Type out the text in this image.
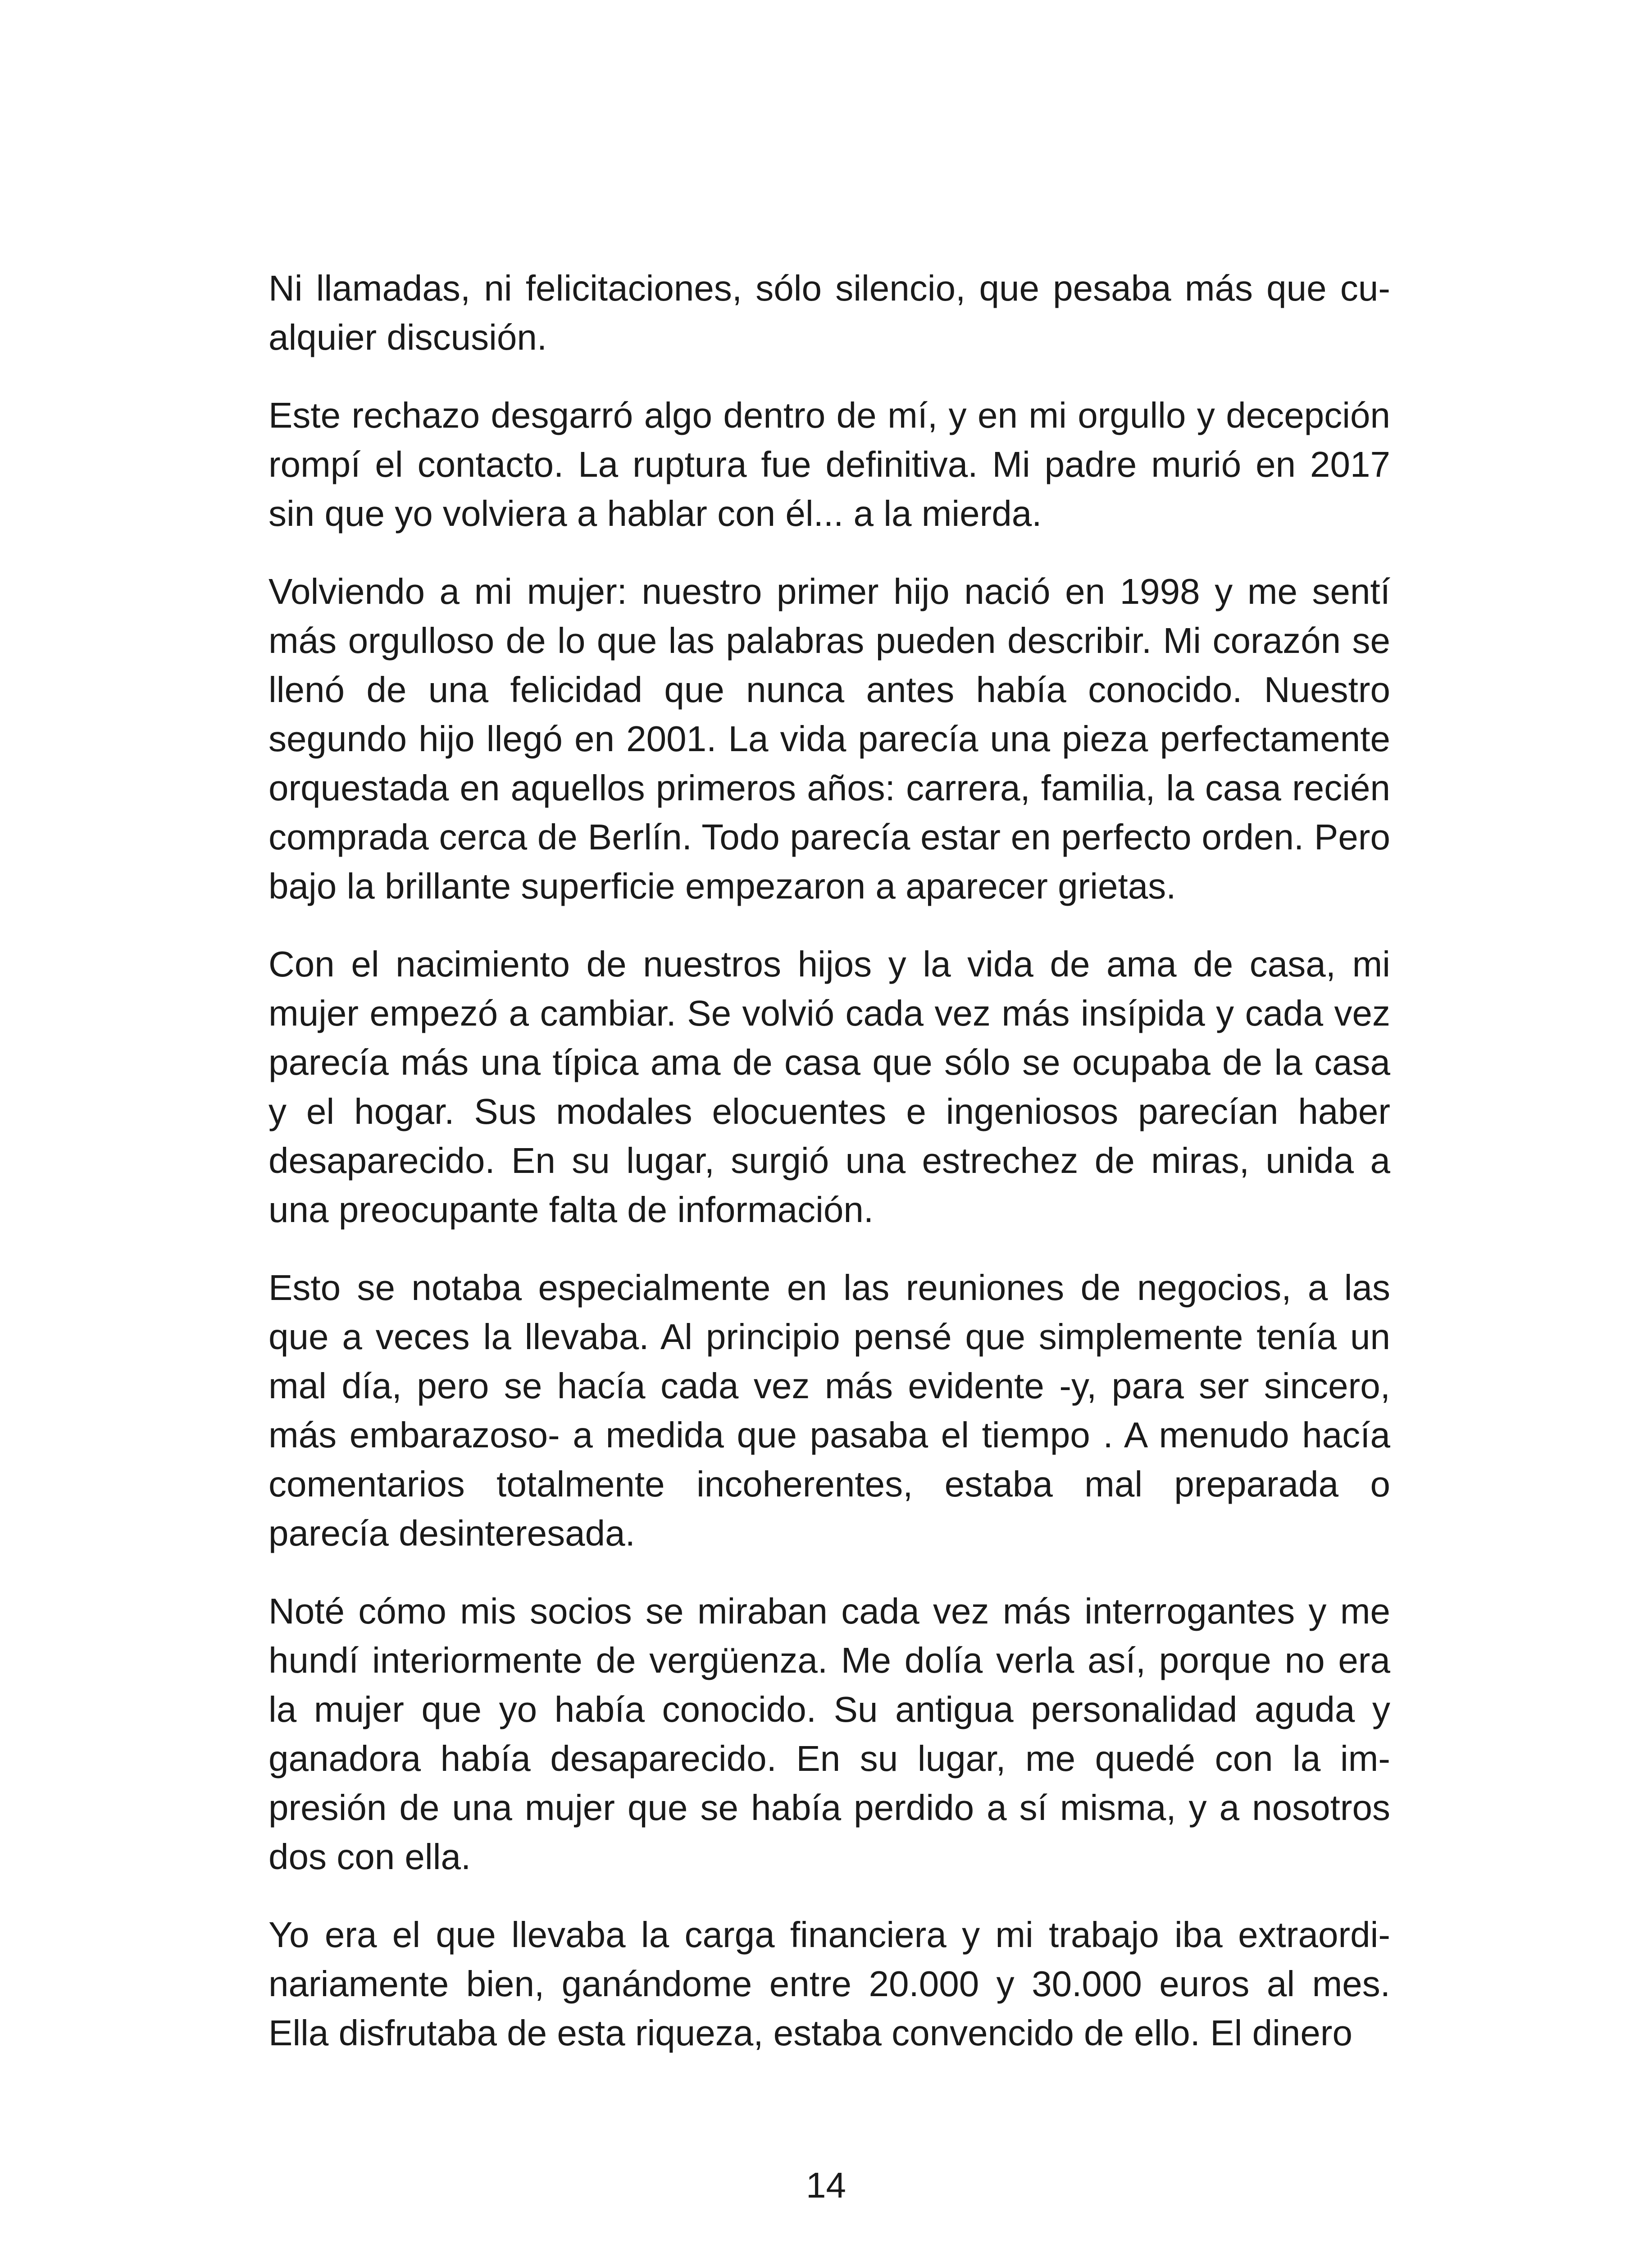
Ni llamadas, ni felicitaciones, sólo silencio, que pesaba más que cualquier discusión.

Este rechazo desgarró algo dentro de mí, y en mi orgullo y decepción rompí el contacto. La ruptura fue definitiva. Mi padre murió en 2017 sin que yo volviera a hablar con él... a la mierda.

Volviendo a mi mujer: nuestro primer hijo nació en 1998 y me sentí más orgulloso de lo que las palabras pueden describir. Mi corazón se llenó de una felicidad que nunca antes había conocido. Nuestro segundo hijo llegó en 2001. La vida parecía una pieza perfectamente orquestada en aquellos primeros años: carrera, familia, la casa recién comprada cerca de Berlín. Todo parecía estar en perfecto orden. Pero bajo la brillante superficie empezaron a aparecer grietas.

Con el nacimiento de nuestros hijos y la vida de ama de casa, mi mujer empezó a cambiar. Se volvió cada vez más insípida y cada vez parecía más una típica ama de casa que sólo se ocupaba de la casa y el hogar. Sus modales elocuentes e ingeniosos parecían haber desaparecido. En su lugar, surgió una estrechez de miras, unida a una preocupante falta de información.

Esto se notaba especialmente en las reuniones de negocios, a las que a veces la llevaba. Al principio pensé que simplemente tenía un mal día, pero se hacía cada vez más evidente -y, para ser sincero, más embarazoso- a medida que pasaba el tiempo . A menudo hacía comentarios totalmente incoherentes, estaba mal preparada o parecía desinteresada.

Noté cómo mis socios se miraban cada vez más interrogantes y me hundí interiormente de vergüenza. Me dolía verla así, porque no era la mujer que yo había conocido. Su antigua personalidad aguda y ganadora había desaparecido. En su lugar, me quedé con la impresión de una mujer que se había perdido a sí misma, y a nosotros dos con ella.

Yo era el que llevaba la carga financiera y mi trabajo iba extraordinariamente bien, ganándome entre 20.000 y 30.000 euros al mes. Ella disfrutaba de esta riqueza, estaba convencido de ello. El dinero

14
